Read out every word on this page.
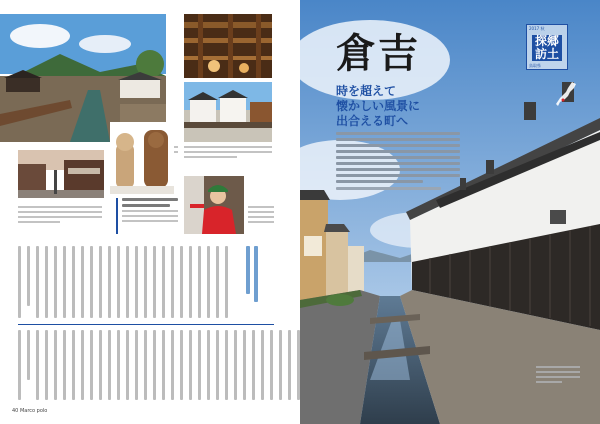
40 Marco polo
倉吉
時を超えて
懐かしい風景に
出合える町へ
2017 秋
探郷訪土
鳥取県
